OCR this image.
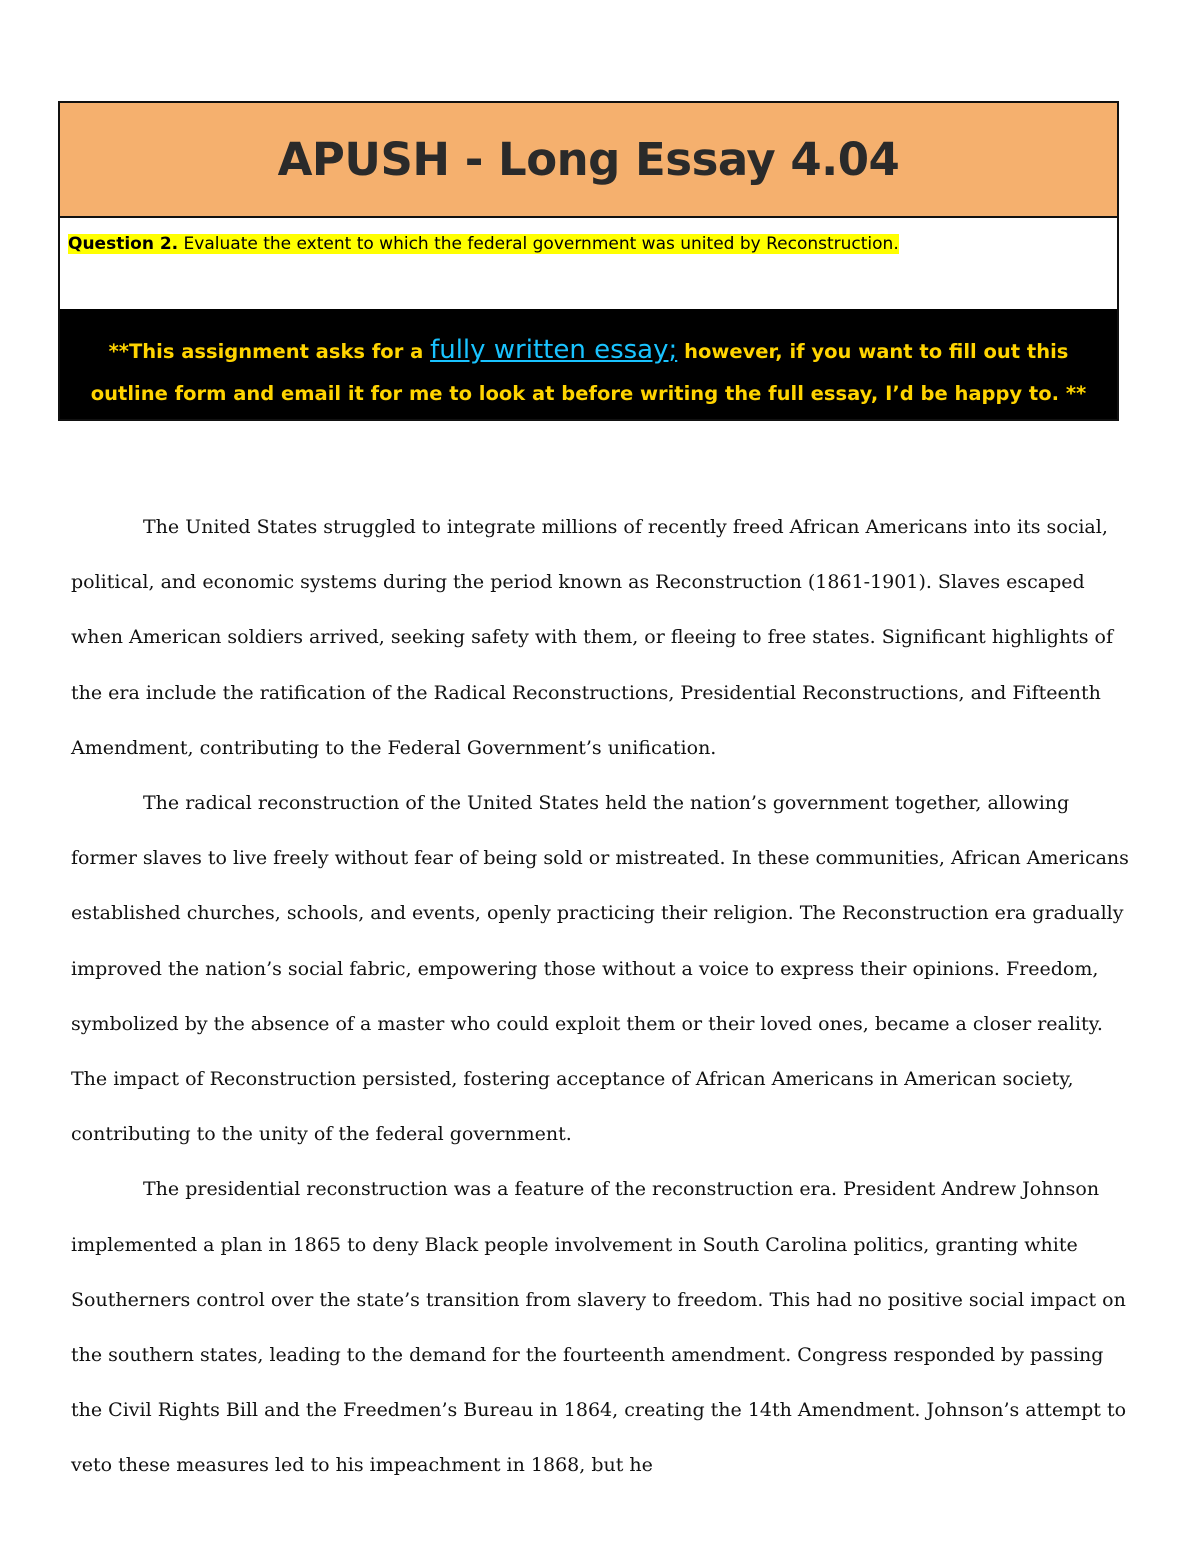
APUSH - Long Essay 4.04
Question 2. Evaluate the extent to which the federal government was united by Reconstruction.
**This assignment asks for a fully written essay; however, if you want to fill out this outline form and email it for me to look at before writing the full essay, I’d be happy to. **

The United States struggled to integrate millions of recently freed African Americans into its social, political, and economic systems during the period known as Reconstruction (1861-1901). Slaves escaped when American soldiers arrived, seeking safety with them, or fleeing to free states. Significant highlights of the era include the ratification of the Radical Reconstructions, Presidential Reconstructions, and Fifteenth Amendment, contributing to the Federal Government’s unification.

The radical reconstruction of the United States held the nation’s government together, allowing former slaves to live freely without fear of being sold or mistreated. In these communities, African Americans established churches, schools, and events, openly practicing their religion. The Reconstruction era gradually improved the nation’s social fabric, empowering those without a voice to express their opinions. Freedom, symbolized by the absence of a master who could exploit them or their loved ones, became a closer reality. The impact of Reconstruction persisted, fostering acceptance of African Americans in American society, contributing to the unity of the federal government.

The presidential reconstruction was a feature of the reconstruction era. President Andrew Johnson implemented a plan in 1865 to deny Black people involvement in South Carolina politics, granting white Southerners control over the state’s transition from slavery to freedom. This had no positive social impact on the southern states, leading to the demand for the fourteenth amendment. Congress responded by passing the Civil Rights Bill and the Freedmen’s Bureau in 1864, creating the 14th Amendment. Johnson’s attempt to veto these measures led to his impeachment in 1868, but he
